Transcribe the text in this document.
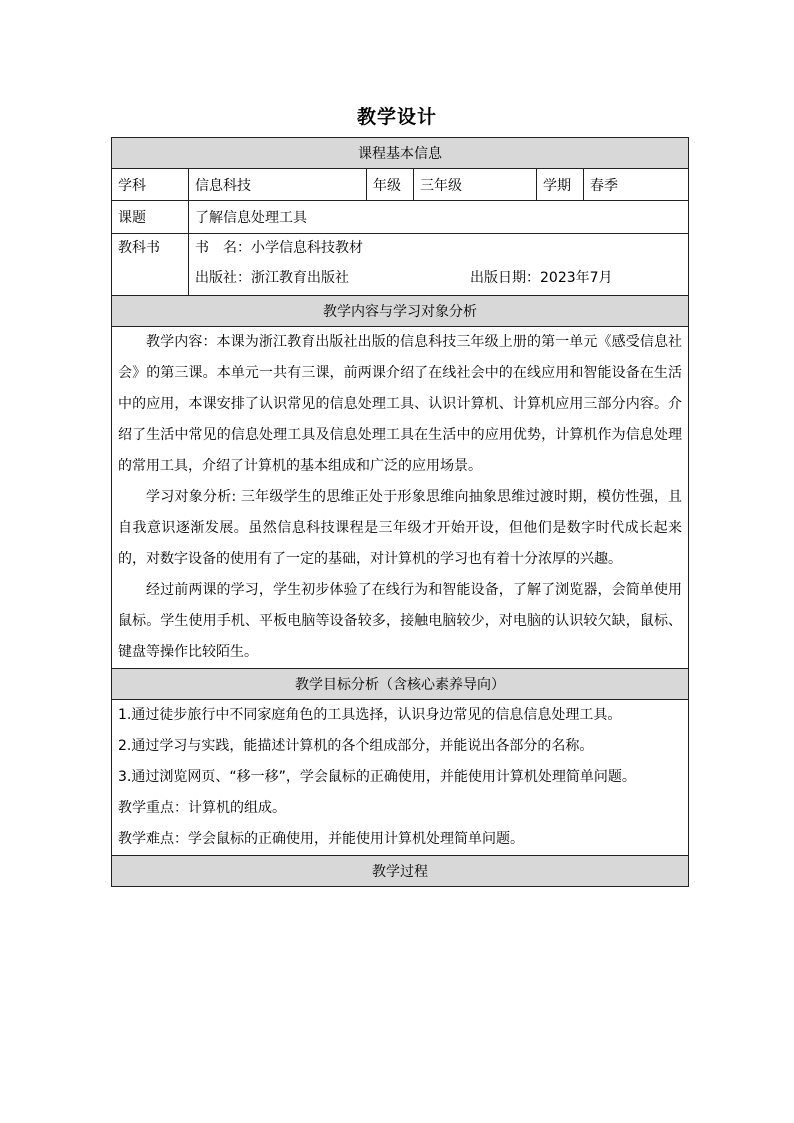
教学设计
课程基本信息					
学科	信息科技	年级	三年级	学期	春季
课题	了解信息处理工具				

教科书	书　名：小学信息科技教材
出版社：浙江教育出版社 出版日期：2023年7月				

教学内容与学习对象分析					

教学内容：本课为浙江教育出版社出版的信息科技三年级上册的第一单元《感受信息社会》的第三课。本单元一共有三课，前两课介绍了在线社会中的在线应用和智能设备在生活中的应用，本课安排了认识常见的信息处理工具、认识计算机、计算机应用三部分内容。介绍了生活中常见的信息处理工具及信息处理工具在生活中的应用优势，计算机作为信息处理的常用工具，介绍了计算机的基本组成和广泛的应用场景。

学习对象分析: 三年级学生的思维正处于形象思维向抽象思维过渡时期，模仿性强，且自我意识逐渐发展。虽然信息科技课程是三年级才开始开设，但他们是数字时代成长起来的，对数字设备的使用有了一定的基础，对计算机的学习也有着十分浓厚的兴趣。

经过前两课的学习，学生初步体验了在线行为和智能设备，了解了浏览器，会简单使用鼠标。学生使用手机、平板电脑等设备较多，接触电脑较少，对电脑的认识较欠缺，鼠标、键盘等操作比较陌生。					

教学目标分析（含核心素养导向）					

1.通过徒步旅行中不同家庭角色的工具选择，认识身边常见的信息信息处理工具。

2.通过学习与实践，能描述计算机的各个组成部分，并能说出各部分的名称。

3.通过浏览网页、“移一移”，学会鼠标的正确使用，并能使用计算机处理简单问题。

教学重点：计算机的组成。

教学难点：学会鼠标的正确使用，并能使用计算机处理简单问题。					

教学过程					
